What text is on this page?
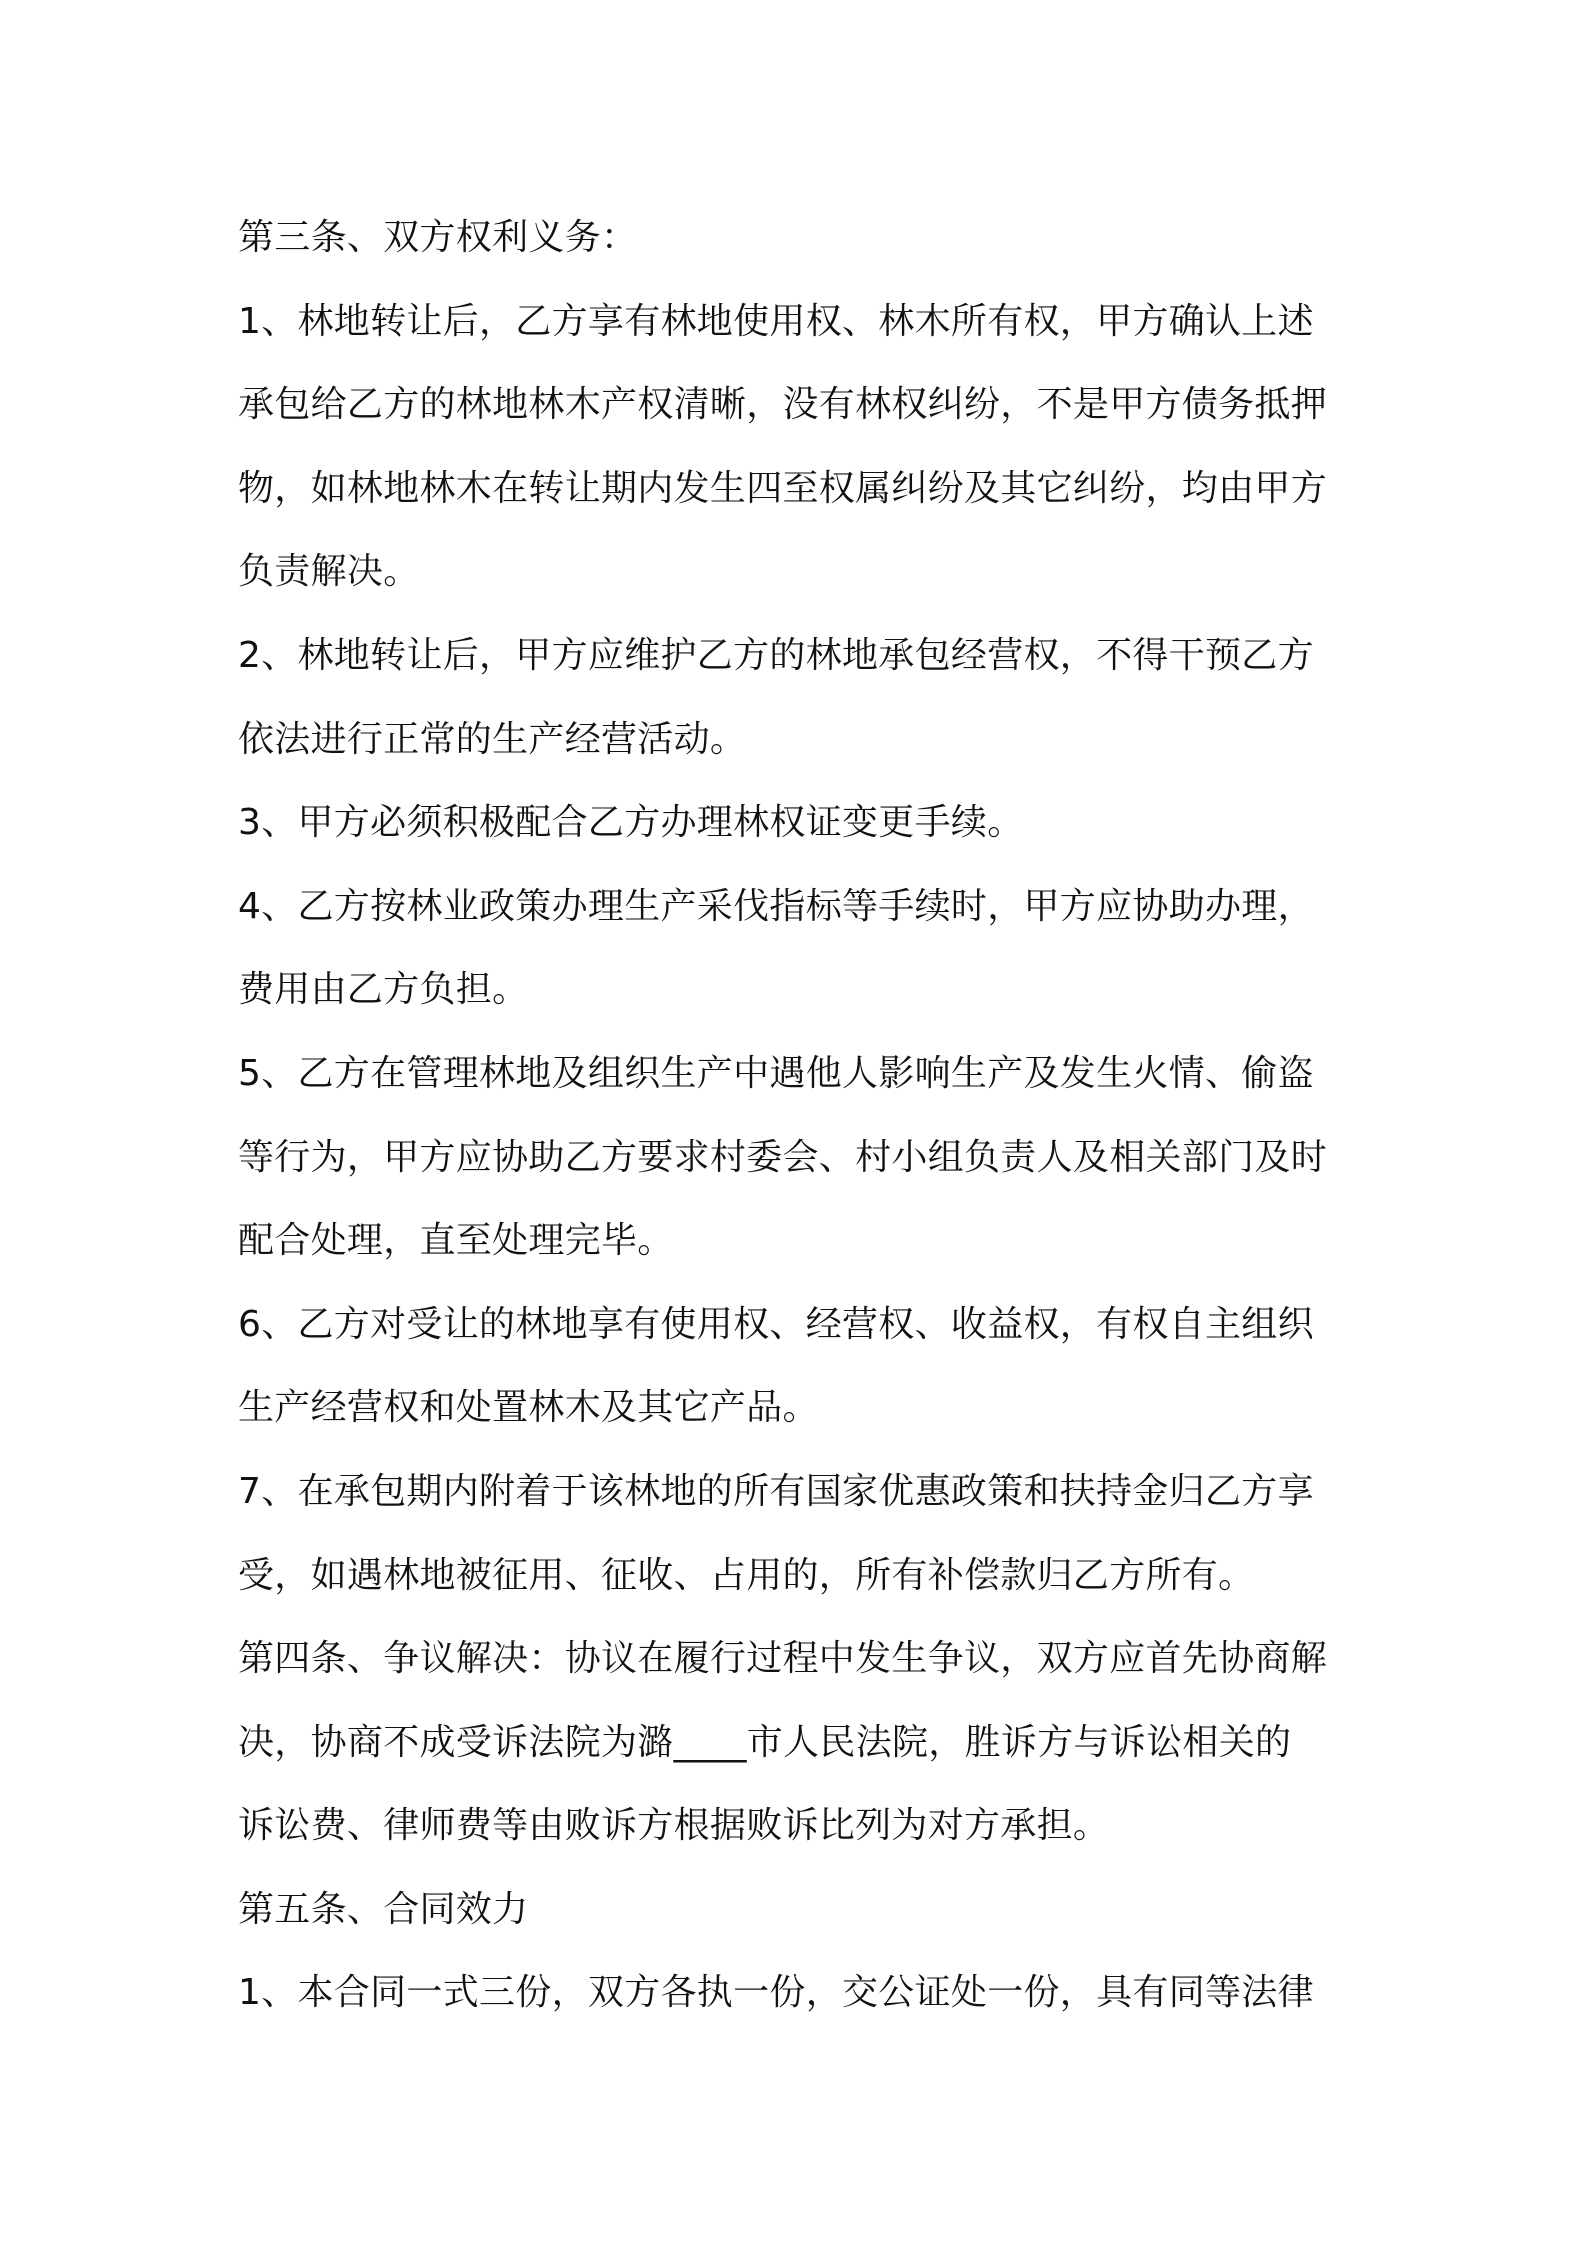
第三条、双方权利义务：
1、林地转让后，乙方享有林地使用权、林木所有权，甲方确认上述
承包给乙方的林地林木产权清晰，没有林权纠纷，不是甲方债务抵押
物，如林地林木在转让期内发生四至权属纠纷及其它纠纷，均由甲方
负责解决。
2、林地转让后，甲方应维护乙方的林地承包经营权，不得干预乙方
依法进行正常的生产经营活动。
3、甲方必须积极配合乙方办理林权证变更手续。
4、乙方按林业政策办理生产采伐指标等手续时，甲方应协助办理，
费用由乙方负担。
5、乙方在管理林地及组织生产中遇他人影响生产及发生火情、偷盗
等行为，甲方应协助乙方要求村委会、村小组负责人及相关部门及时
配合处理，直至处理完毕。
6、乙方对受让的林地享有使用权、经营权、收益权，有权自主组织
生产经营权和处置林木及其它产品。
7、在承包期内附着于该林地的所有国家优惠政策和扶持金归乙方享
受，如遇林地被征用、征收、占用的，所有补偿款归乙方所有。
第四条、争议解决：协议在履行过程中发生争议，双方应首先协商解
决，协商不成受诉法院为潞____市人民法院，胜诉方与诉讼相关的
诉讼费、律师费等由败诉方根据败诉比列为对方承担。
第五条、合同效力
1、本合同一式三份，双方各执一份，交公证处一份，具有同等法律
